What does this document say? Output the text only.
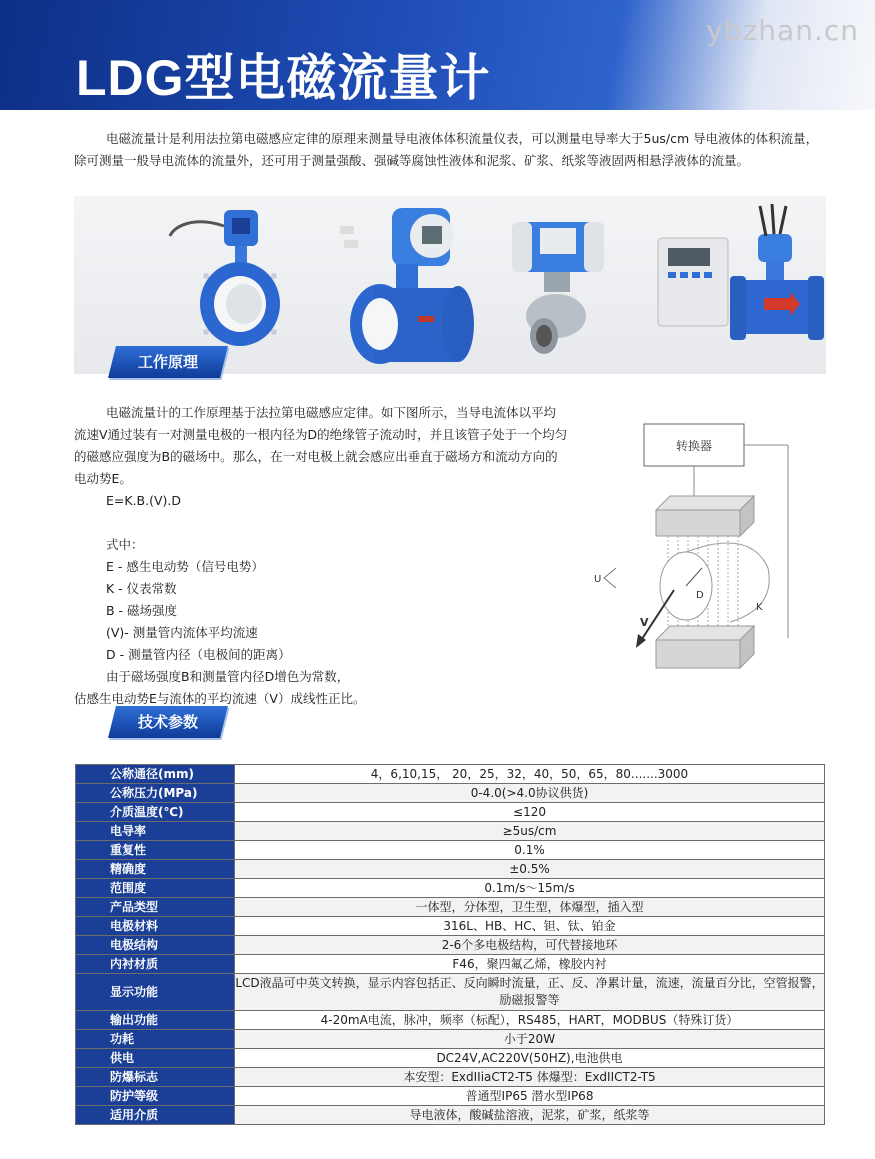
LDG型电磁流量计
ybzhan.cn
电磁流量计是利用法拉第电磁感应定律的原理来测量导电液体体积流量仪表，可以测量电导率大于5us/cm 导电液体的体积流量，除可测量一般导电流体的流量外，还可用于测量强酸、强碱等腐蚀性液体和泥浆、矿浆、纸浆等液固两相悬浮液体的流量。
工作原理
电磁流量计的工作原理基于法拉第电磁感应定律。如下图所示，当导电流体以平均流速V通过装有一对测量电极的一根内径为D的绝缘管子流动时，并且该管子处于一个均匀的磁感应强度为B的磁场中。那么，在一对电极上就会感应出垂直于磁场方和流动方向的电动势E。
E=K.B.(V).D
式中：
E - 感生电动势（信号电势）
K - 仪表常数
B - 磁场强度
(V)- 测量管内流体平均流速
D - 测量管内径（电极间的距离）
由于磁场强度B和测量管内径D增色为常数，
估感生电动势E与流体的平均流速（V）成线性正比。
转换器
D
V
K
U
技术参数
公称通径(mm)	4，6,10,15， 20，25，32，40，50，65，80.......3000
公称压力(MPa)	0-4.0(>4.0协议供货)
介质温度(℃)	≤120
电导率	≥5us/cm
重复性	0.1%
精确度	±0.5%
范围度	0.1m/s～15m/s
产品类型	一体型，分体型，卫生型，体爆型，插入型
电极材料	316L、HB、HC、钽、钛、铂金
电极结构	2-6个多电极结构，可代替接地环
内衬材质	F46，聚四氟乙烯，橡胶内衬
显示功能	LCD液晶可中英文转换，显示内容包括正、反向瞬时流量，正、反、净累计量，流速，流量百分比，空管报警，励磁报警等
输出功能	4-20mA电流，脉冲，频率（标配），RS485，HART，MODBUS（特殊订货）
功耗	小于20W
供电	DC24V,AC220V(50HZ),电池供电
防爆标志	本安型：ExdIIiaCT2-T5 体爆型：ExdIICT2-T5
防护等级	普通型IP65 潜水型IP68
适用介质	导电液体，酸碱盐溶液，泥浆，矿浆，纸浆等
